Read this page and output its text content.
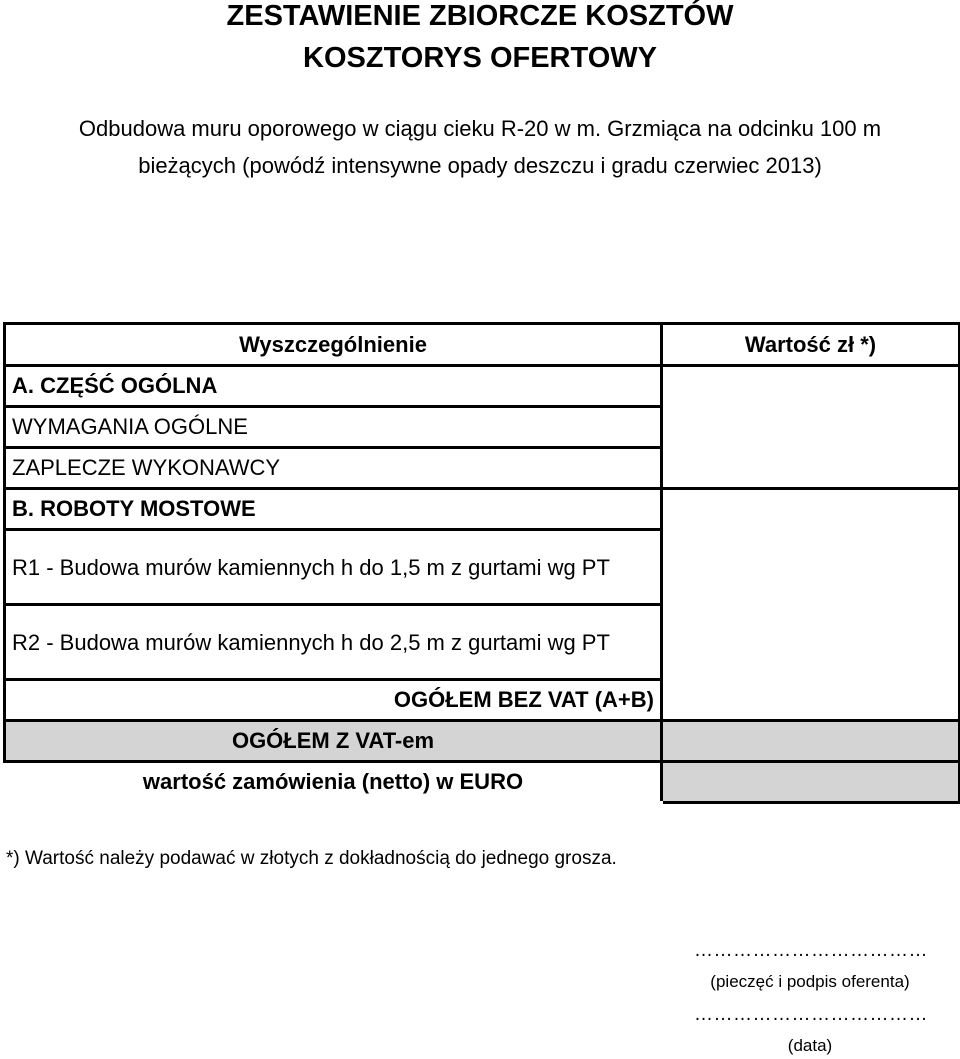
ZESTAWIENIE ZBIORCZE KOSZTÓW
KOSZTORYS OFERTOWY
Odbudowa muru oporowego w ciągu cieku R-20 w m. Grzmiąca na odcinku 100 m
bieżących (powódź intensywne opady deszczu i gradu czerwiec 2013)
Wyszczególnienie	Wartość zł *)
A. CZĘŚĆ OGÓLNA	
WYMAGANIA OGÓLNE	
ZAPLECZE WYKONAWCY	
B. ROBOTY MOSTOWE	
R1 - Budowa murów kamiennych h do 1,5 m z gurtami wg PT	
R2 - Budowa murów kamiennych h do 2,5 m z gurtami wg PT	
OGÓŁEM BEZ VAT (A+B)	
OGÓŁEM Z VAT-em	
wartość zamówienia (netto) w EURO	
*) Wartość należy podawać w złotych z dokładnością do jednego grosza.
………………………………
(pieczęć i podpis oferenta)
………………………………
(data)
